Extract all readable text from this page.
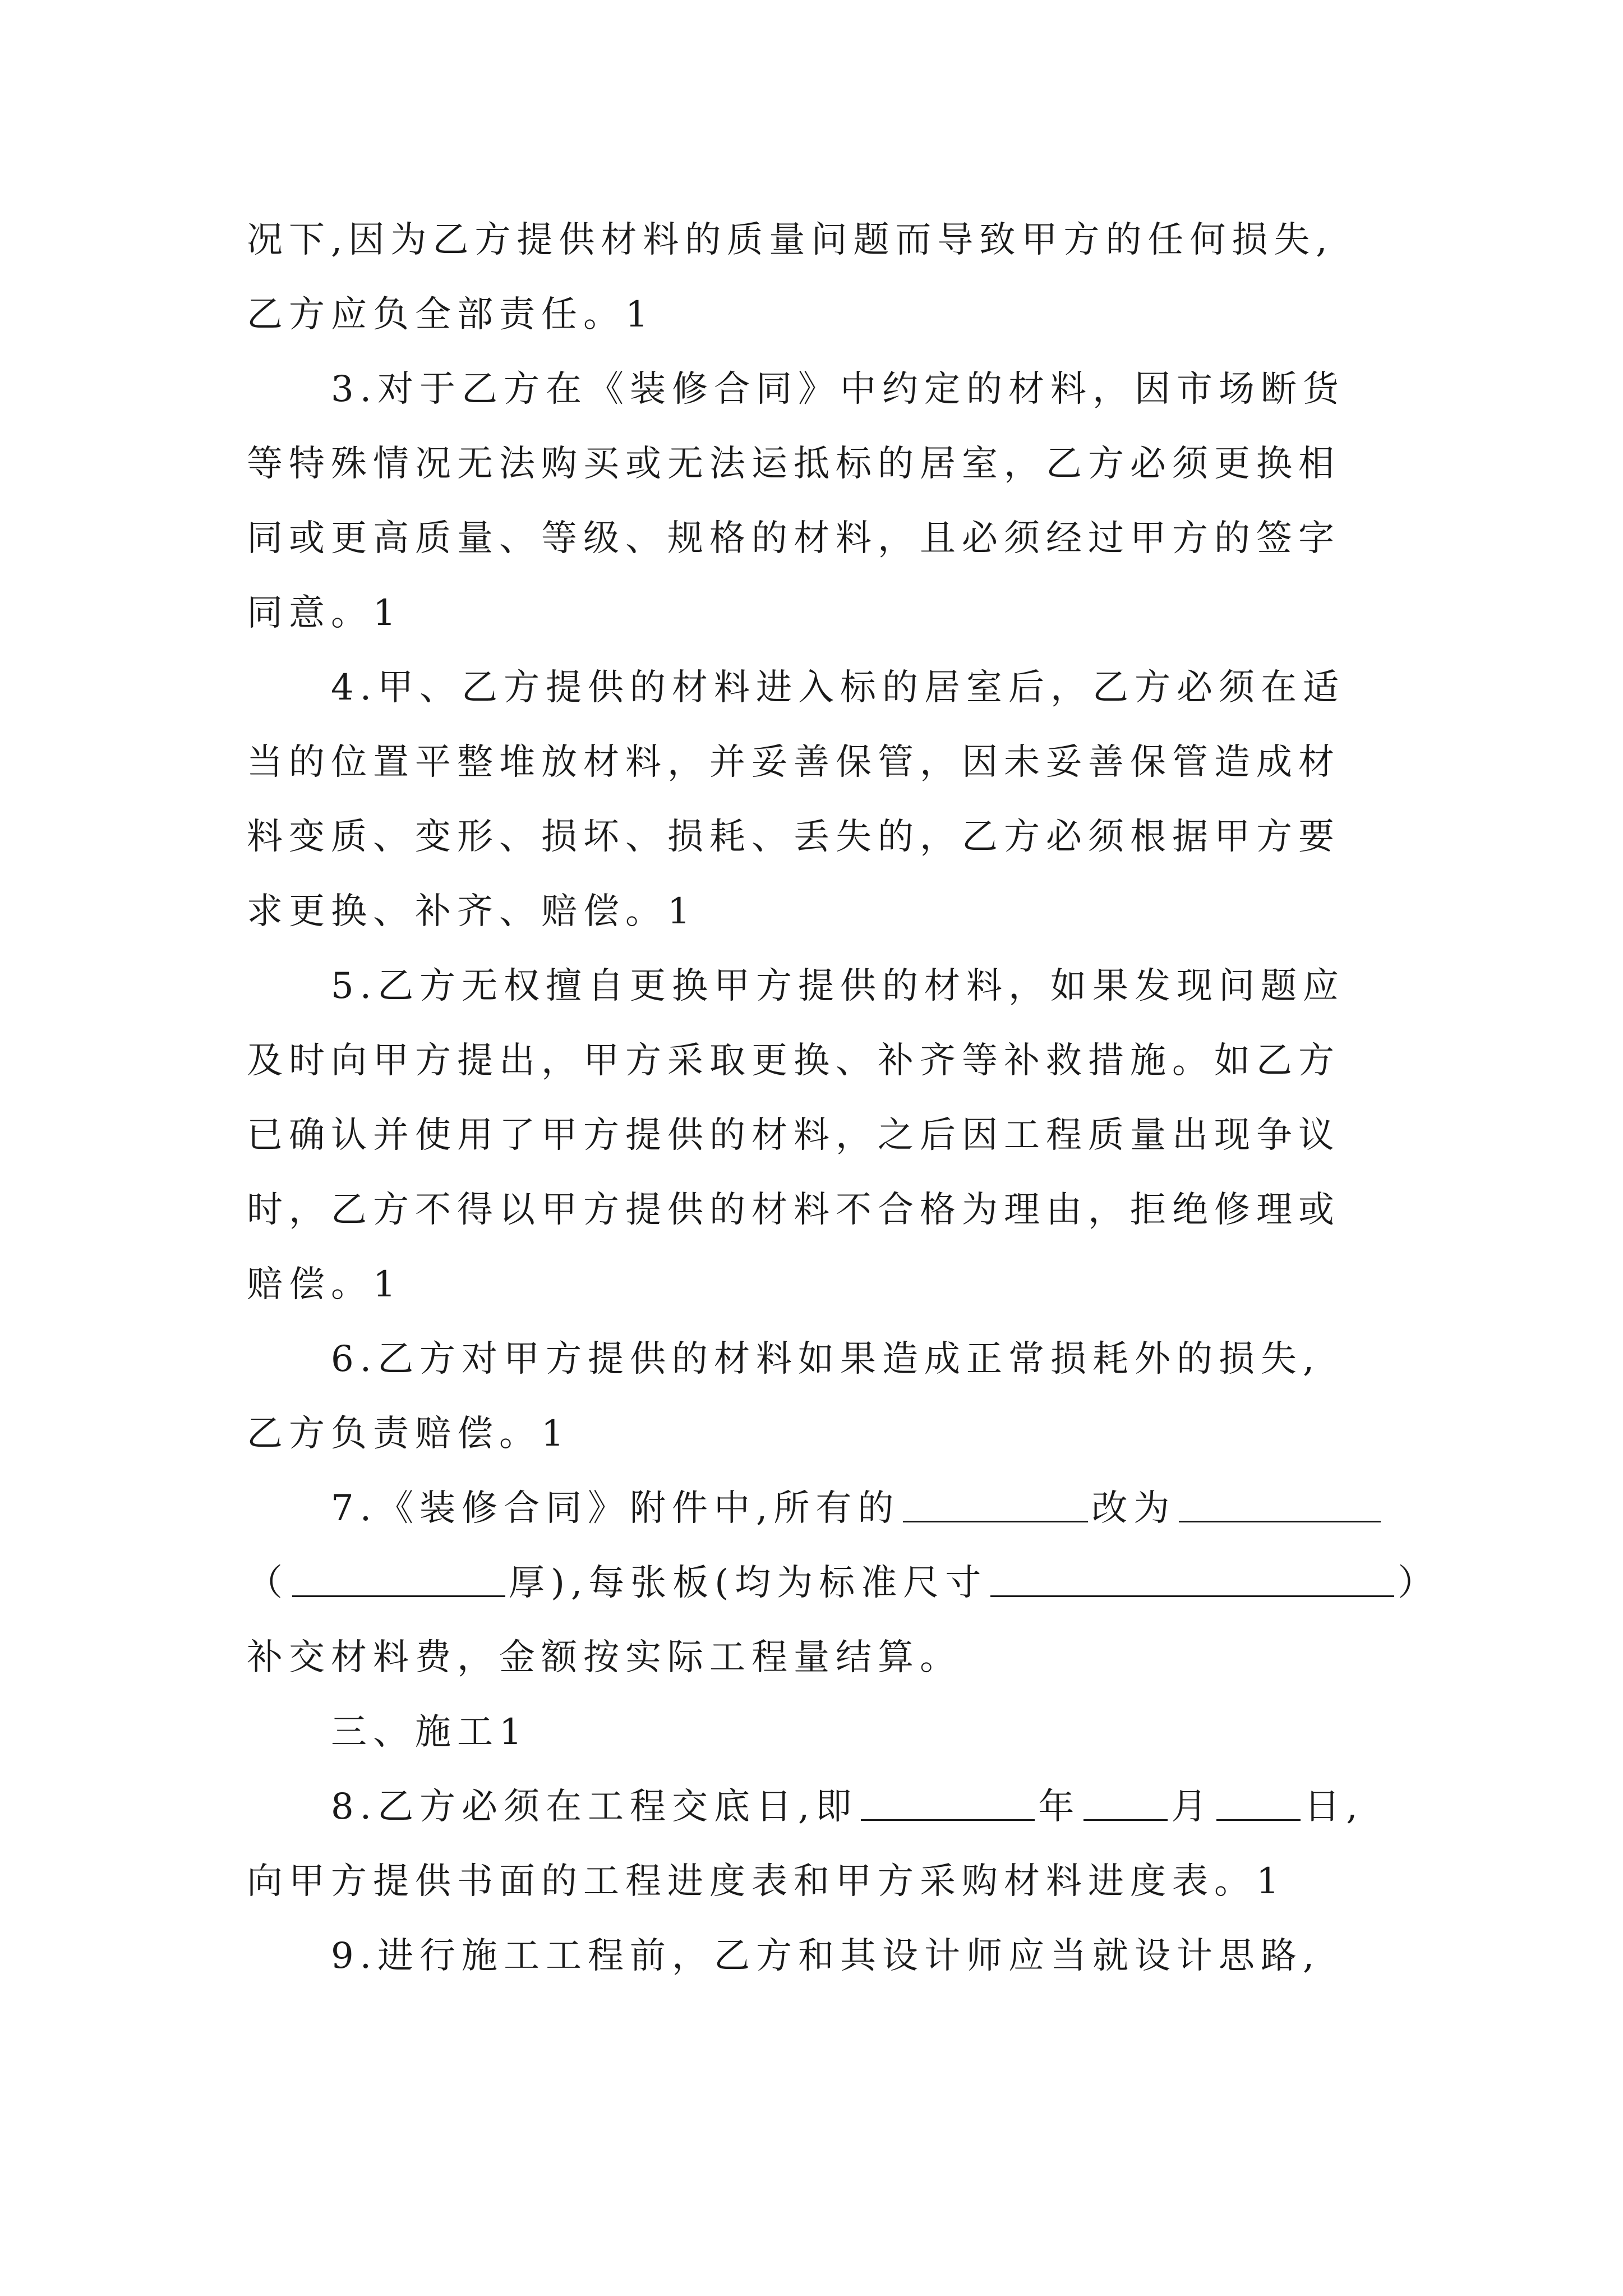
况下,因为乙方提供材料的质量问题而导致甲方的任何损失,
乙方应负全部责任。1
3.对于乙方在《装修合同》中约定的材料，因市场断货
等特殊情况无法购买或无法运抵标的居室，乙方必须更换相
同或更高质量、等级、规格的材料，且必须经过甲方的签字
同意。1
4.甲、乙方提供的材料进入标的居室后，乙方必须在适
当的位置平整堆放材料，并妥善保管，因未妥善保管造成材
料变质、变形、损坏、损耗、丢失的，乙方必须根据甲方要
求更换、补齐、赔偿。1
5.乙方无权擅自更换甲方提供的材料，如果发现问题应
及时向甲方提出，甲方采取更换、补齐等补救措施。如乙方
已确认并使用了甲方提供的材料，之后因工程质量出现争议
时，乙方不得以甲方提供的材料不合格为理由，拒绝修理或
赔偿。1
6.乙方对甲方提供的材料如果造成正常损耗外的损失,
乙方负责赔偿。1
7.《装修合同》附件中,所有的	改为
（	厚),每张板(均为标准尺寸	）
补交材料费，金额按实际工程量结算。
三、施工1
8.乙方必须在工程交底日,即	年	月	日,
向甲方提供书面的工程进度表和甲方采购材料进度表。1
9.进行施工工程前，乙方和其设计师应当就设计思路,
